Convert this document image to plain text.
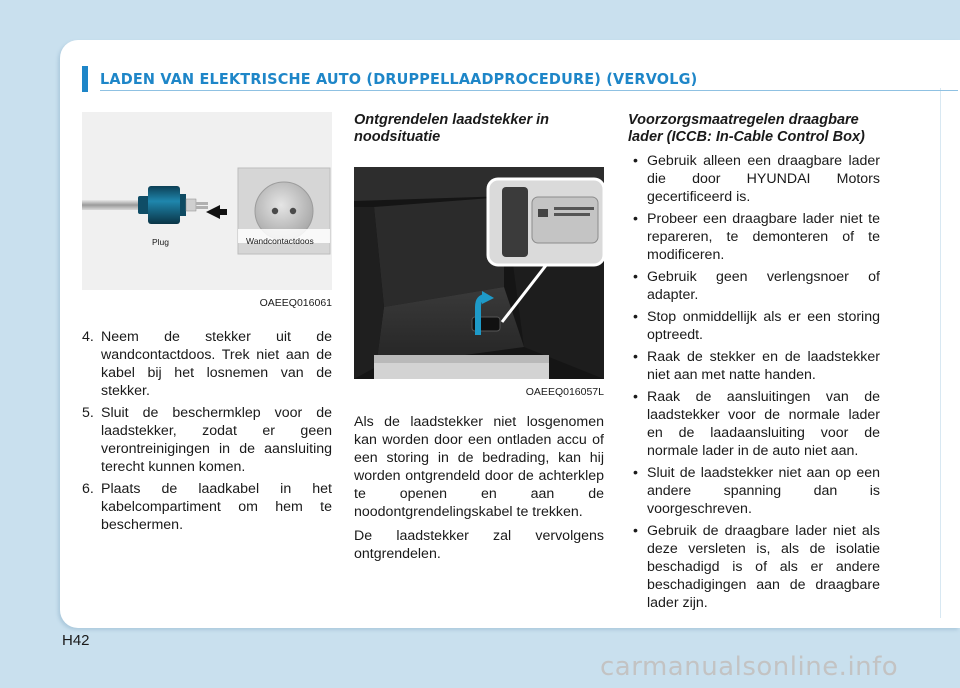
LADEN VAN ELEKTRISCHE AUTO (DRUPPELLAADPROCEDURE) (VERVOLG)
Plug	Wandcontactdoos
OAEEQ016061
4. Neem de stekker uit de wandcontactdoos. Trek niet aan de kabel bij het losnemen van de stekker.
5. Sluit de beschermklep voor de laadstekker, zodat er geen verontreinigingen in de aansluiting terecht kunnen komen.
6. Plaats de laadkabel in het kabelcompartiment om hem te beschermen.
Ontgrendelen laadstekker in noodsituatie
OAEEQ016057L

Als de laadstekker niet losgenomen kan worden door een ontladen accu of een storing in de bedrading, kan hij worden ontgrendeld door de achterklep te openen en aan de noodontgrendelingskabel te trekken.

De laadstekker zal vervolgens ontgrendelen.

Voorzorgsmaatregelen draagbare lader (ICCB: In-Cable Control Box)
• Gebruik alleen een draagbare lader die door HYUNDAI Motors gecertificeerd is.
• Probeer een draagbare lader niet te repareren, te demonteren of te modificeren.
• Gebruik geen verlengsnoer of adapter.
• Stop onmiddellijk als er een storing optreedt.
• Raak de stekker en de laadstekker niet aan met natte handen.
• Raak de aansluitingen van de laadstekker voor de normale lader en de laadaansluiting voor de normale lader in de auto niet aan.
• Sluit de laadstekker niet aan op een andere spanning dan is voorgeschreven.
• Gebruik de draagbare lader niet als deze versleten is, als de isolatie beschadigd is of als er andere beschadigingen aan de draagbare lader zijn.
H42
carmanualsonline.info
